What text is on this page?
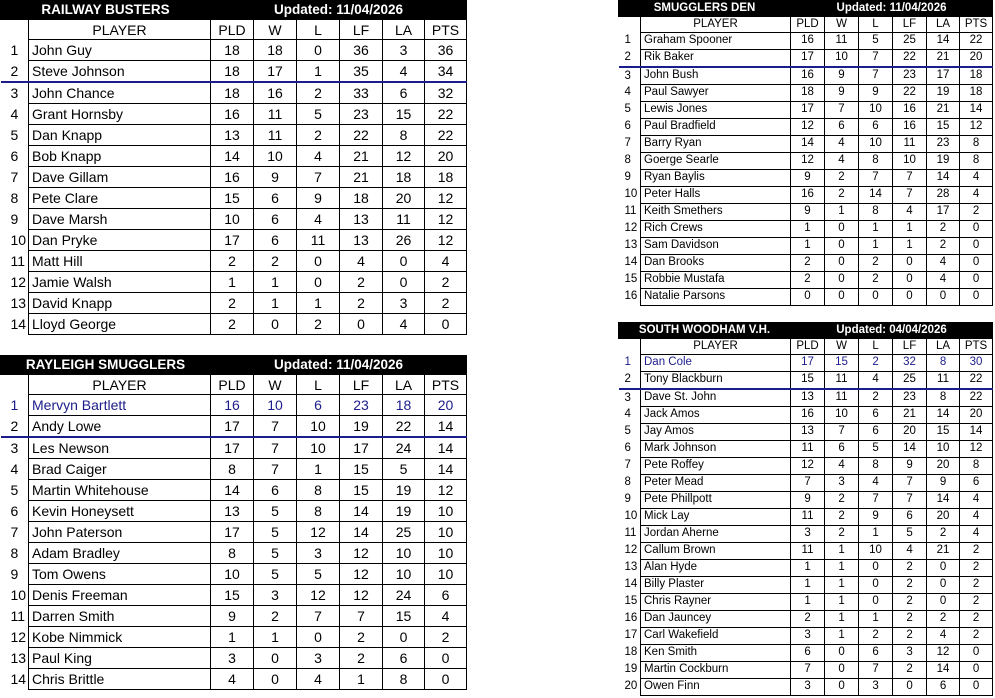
RAILWAY BUSTERS		Updated: 11/04/2026					
	PLAYER	PLD	W	L	LF	LA	PTS
1	John Guy	18	18	0	36	3	36
2	Steve Johnson	18	17	1	35	4	34
3	John Chance	18	16	2	33	6	32
4	Grant Hornsby	16	11	5	23	15	22
5	Dan Knapp	13	11	2	22	8	22
6	Bob Knapp	14	10	4	21	12	20
7	Dave Gillam	16	9	7	21	18	18
8	Pete Clare	15	6	9	18	20	12
9	Dave Marsh	10	6	4	13	11	12
10	Dan Pryke	17	6	11	13	26	12
11	Matt Hill	2	2	0	4	0	4
12	Jamie Walsh	1	1	0	2	0	2
13	David Knapp	2	1	1	2	3	2
14	Lloyd George	2	0	2	0	4	0
RAYLEIGH SMUGGLERS		Updated: 11/04/2026					
	PLAYER	PLD	W	L	LF	LA	PTS
1	Mervyn Bartlett	16	10	6	23	18	20
2	Andy Lowe	17	7	10	19	22	14
3	Les Newson	17	7	10	17	24	14
4	Brad Caiger	8	7	1	15	5	14
5	Martin Whitehouse	14	6	8	15	19	12
6	Kevin Honeysett	13	5	8	14	19	10
7	John Paterson	17	5	12	14	25	10
8	Adam Bradley	8	5	3	12	10	10
9	Tom Owens	10	5	5	12	10	10
10	Denis Freeman	15	3	12	12	24	6
11	Darren Smith	9	2	7	7	15	4
12	Kobe Nimmick	1	1	0	2	0	2
13	Paul King	3	0	3	2	6	0
14	Chris Brittle	4	0	4	1	8	0
SMUGGLERS DEN		Updated: 11/04/2026					
	PLAYER	PLD	W	L	LF	LA	PTS
1	Graham Spooner	16	11	5	25	14	22
2	Rik Baker	17	10	7	22	21	20
3	John Bush	16	9	7	23	17	18
4	Paul Sawyer	18	9	9	22	19	18
5	Lewis Jones	17	7	10	16	21	14
6	Paul Bradfield	12	6	6	16	15	12
7	Barry Ryan	14	4	10	11	23	8
8	Goerge Searle	12	4	8	10	19	8
9	Ryan Baylis	9	2	7	7	14	4
10	Peter Halls	16	2	14	7	28	4
11	Keith Smethers	9	1	8	4	17	2
12	Rich Crews	1	0	1	1	2	0
13	Sam Davidson	1	0	1	1	2	0
14	Dan Brooks	2	0	2	0	4	0
15	Robbie Mustafa	2	0	2	0	4	0
16	Natalie Parsons	0	0	0	0	0	0
SOUTH WOODHAM V.H.		Updated: 04/04/2026					
	PLAYER	PLD	W	L	LF	LA	PTS
1	Dan Cole	17	15	2	32	8	30
2	Tony Blackburn	15	11	4	25	11	22
3	Dave St. John	13	11	2	23	8	22
4	Jack Amos	16	10	6	21	14	20
5	Jay Amos	13	7	6	20	15	14
6	Mark Johnson	11	6	5	14	10	12
7	Pete Roffey	12	4	8	9	20	8
8	Peter Mead	7	3	4	7	9	6
9	Pete Phillpott	9	2	7	7	14	4
10	Mick Lay	11	2	9	6	20	4
11	Jordan Aherne	3	2	1	5	2	4
12	Callum Brown	11	1	10	4	21	2
13	Alan Hyde	1	1	0	2	0	2
14	Billy Plaster	1	1	0	2	0	2
15	Chris Rayner	1	1	0	2	0	2
16	Dan Jauncey	2	1	1	2	2	2
17	Carl Wakefield	3	1	2	2	4	2
18	Ken Smith	6	0	6	3	12	0
19	Martin Cockburn	7	0	7	2	14	0
20	Owen Finn	3	0	3	0	6	0
